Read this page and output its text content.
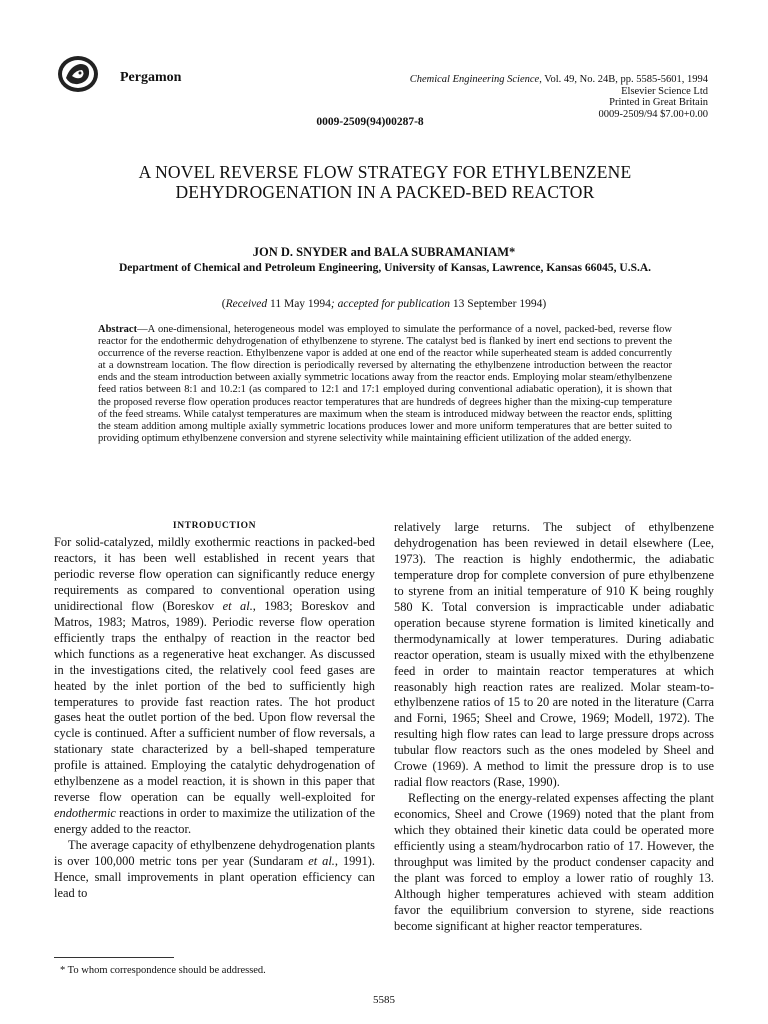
Pergamon	Chemical Engineering Science, Vol. 49, No. 24B, pp. 5585-5601, 1994
Elsevier Science Ltd
Printed in Great Britain
0009-2509/94 $7.00+0.00
0009-2509(94)00287-8
A NOVEL REVERSE FLOW STRATEGY FOR ETHYLBENZENE DEHYDROGENATION IN A PACKED-BED REACTOR
JON D. SNYDER and BALA SUBRAMANIAM*
Department of Chemical and Petroleum Engineering, University of Kansas, Lawrence, Kansas 66045, U.S.A.
(Received 11 May 1994; accepted for publication 13 September 1994)
Abstract—A one-dimensional, heterogeneous model was employed to simulate the performance of a novel, packed-bed, reverse flow reactor for the endothermic dehydrogenation of ethylbenzene to styrene. The catalyst bed is flanked by inert end sections to prevent the occurrence of the reverse reaction. Ethylbenzene vapor is added at one end of the reactor while superheated steam is added concurrently at a downstream location. The flow direction is periodically reversed by alternating the ethylbenzene introduction between the reactor ends and the steam introduction between axially symmetric locations away from the reactor ends. Employing molar steam/ethylbenzene feed ratios between 8:1 and 10.2:1 (as compared to 12:1 and 17:1 employed during conventional adiabatic operation), it is shown that the proposed reverse flow operation produces reactor temperatures that are hundreds of degrees higher than the mixing-cup temperature of the feed streams. While catalyst temperatures are maximum when the steam is introduced midway between the reactor ends, splitting the steam addition among multiple axially symmetric locations produces lower and more uniform temperatures that are better suited to providing optimum ethylbenzene conversion and styrene selectivity while maintaining efficient utilization of the added energy.
INTRODUCTION

For solid-catalyzed, mildly exothermic reactions in packed-bed reactors, it has been well established in recent years that periodic reverse flow operation can significantly reduce energy requirements as compared to conventional operation using unidirectional flow (Boreskov et al., 1983; Boreskov and Matros, 1983; Matros, 1989). Periodic reverse flow operation efficiently traps the enthalpy of reaction in the reactor bed which functions as a regenerative heat exchanger. As discussed in the investigations cited, the relatively cool feed gases are heated by the inlet portion of the bed to sufficiently high temperatures to provide fast reaction rates. The hot product gases heat the outlet portion of the bed. Upon flow reversal the cycle is continued. After a sufficient number of flow reversals, a stationary state characterized by a bell-shaped temperature profile is attained. Employing the catalytic dehydrogenation of ethylbenzene as a model reaction, it is shown in this paper that reverse flow operation can be equally well-exploited for endothermic reactions in order to maximize the utilization of the energy added to the reactor.

The average capacity of ethylbenzene dehydrogenation plants is over 100,000 metric tons per year (Sundaram et al., 1991). Hence, small improvements in plant operation efficiency can lead to

relatively large returns. The subject of ethylbenzene dehydrogenation has been reviewed in detail elsewhere (Lee, 1973). The reaction is highly endothermic, the adiabatic temperature drop for complete conversion of pure ethylbenzene to styrene from an initial temperature of 910 K being roughly 580 K. Total conversion is impracticable under adiabatic operation because styrene formation is limited kinetically and thermodynamically at lower temperatures. During adiabatic reactor operation, steam is usually mixed with the ethylbenzene feed in order to maintain reactor temperatures at which reasonably high reaction rates are realized. Molar steam-to-ethylbenzene ratios of 15 to 20 are noted in the literature (Carra and Forni, 1965; Sheel and Crowe, 1969; Modell, 1972). The resulting high flow rates can lead to large pressure drops across tubular flow reactors such as the ones modeled by Sheel and Crowe (1969). A method to limit the pressure drop is to use radial flow reactors (Rase, 1990).

Reflecting on the energy-related expenses affecting the plant economics, Sheel and Crowe (1969) noted that the plant from which they obtained their kinetic data could be operated more efficiently using a steam/hydrocarbon ratio of 17. However, the throughput was limited by the product condenser capacity and the plant was forced to employ a lower ratio of roughly 13. Although higher temperatures achieved with steam addition favor the equilibrium conversion to styrene, side reactions become significant at higher reactor temperatures.

* To whom correspondence should be addressed.
5585
